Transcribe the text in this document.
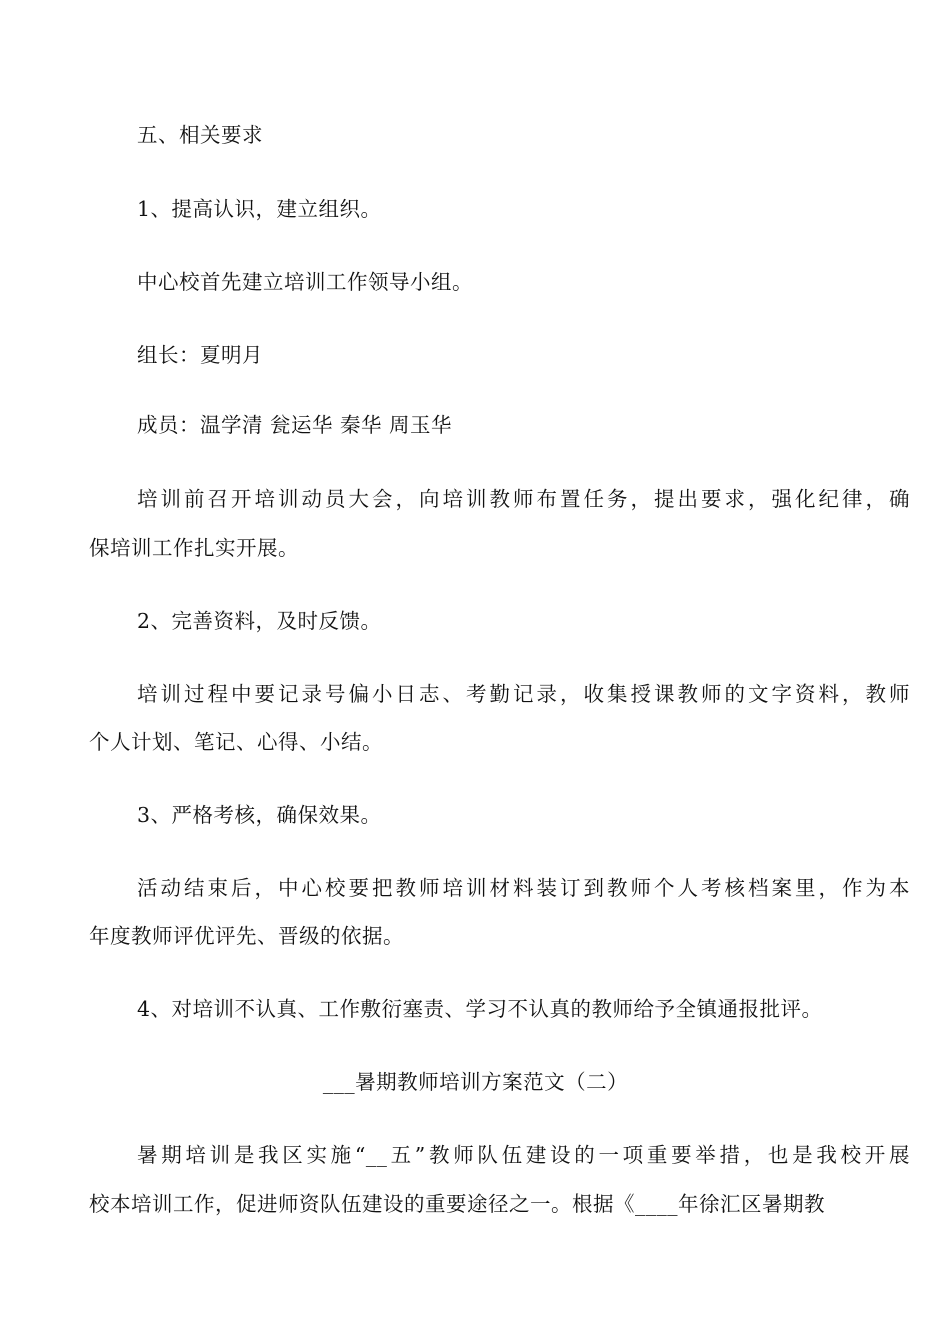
五、相关要求
1、提高认识，建立组织。
中心校首先建立培训工作领导小组。
组长：夏明月
成员：温学清 瓮运华 秦华 周玉华
培训前召开培训动员大会，向培训教师布置任务，提出要求，强化纪律，确
保培训工作扎实开展。
2、完善资料，及时反馈。
培训过程中要记录号偏小日志、考勤记录，收集授课教师的文字资料，教师
个人计划、笔记、心得、小结。
3、严格考核，确保效果。
活动结束后，中心校要把教师培训材料装订到教师个人考核档案里，作为本
年度教师评优评先、晋级的依据。
4、对培训不认真、工作敷衍塞责、学习不认真的教师给予全镇通报批评。
___暑期教师培训方案范文（二）
暑期培训是我区实施“__五”教师队伍建设的一项重要举措，也是我校开展
校本培训工作，促进师资队伍建设的重要途径之一。根据《____年徐汇区暑期教
